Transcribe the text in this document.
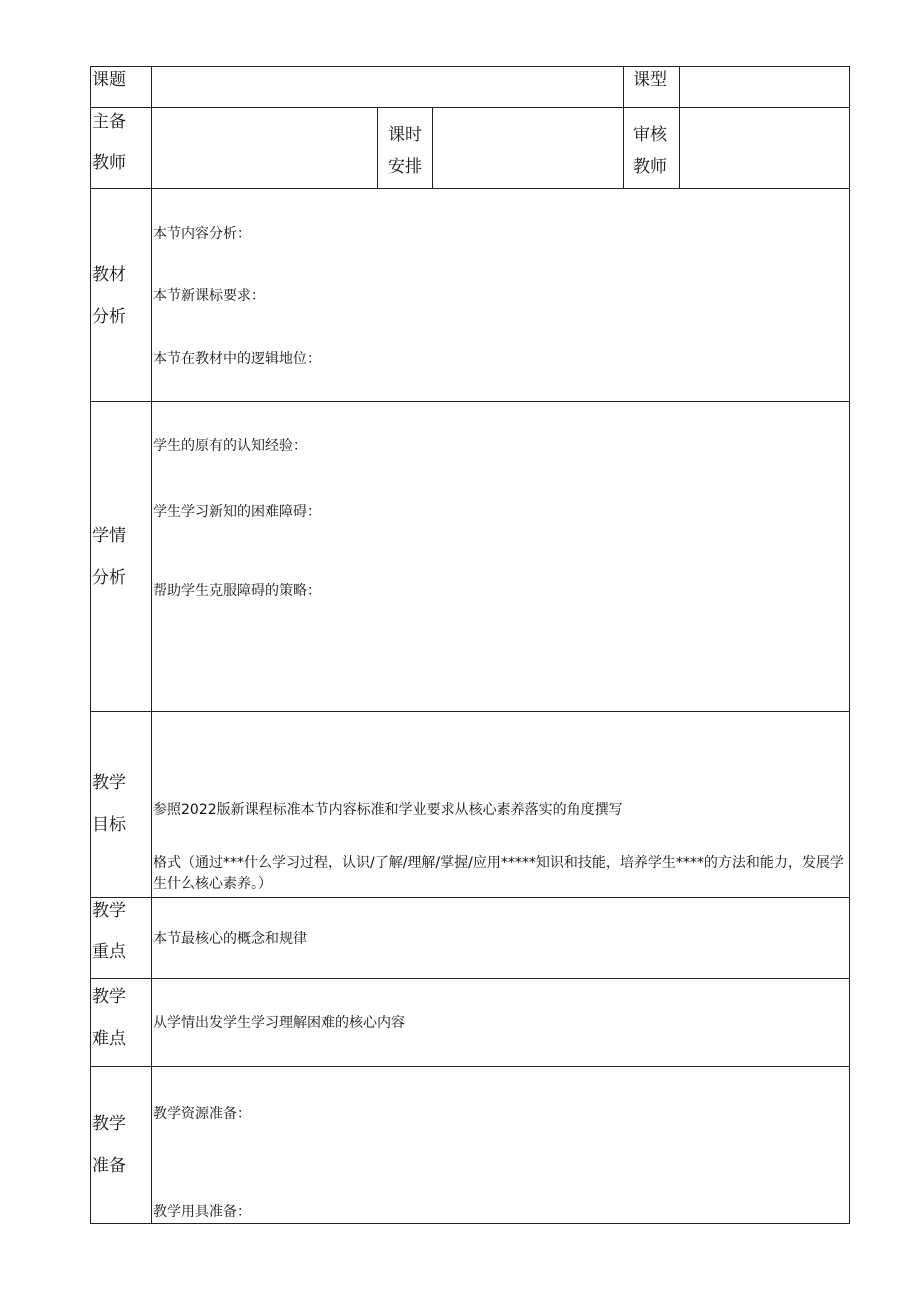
课题	课型
主备
教师
课时
安排
审核
教师
教材
分析
本节内容分析：
本节新课标要求：
本节在教材中的逻辑地位：
学情
分析
学生的原有的认知经验：
学生学习新知的困难障碍：
帮助学生克服障碍的策略：
教学
目标
参照2022版新课程标准本节内容标准和学业要求从核心素养落实的角度撰写
格式（通过***什么学习过程，认识/了解/理解/掌握/应用*****知识和技能，培养学生****的方法和能力，发展学生什么核心素养。）
教学
重点
本节最核心的概念和规律
教学
难点
从学情出发学生学习理解困难的核心内容
教学
准备
教学资源准备：
教学用具准备：
